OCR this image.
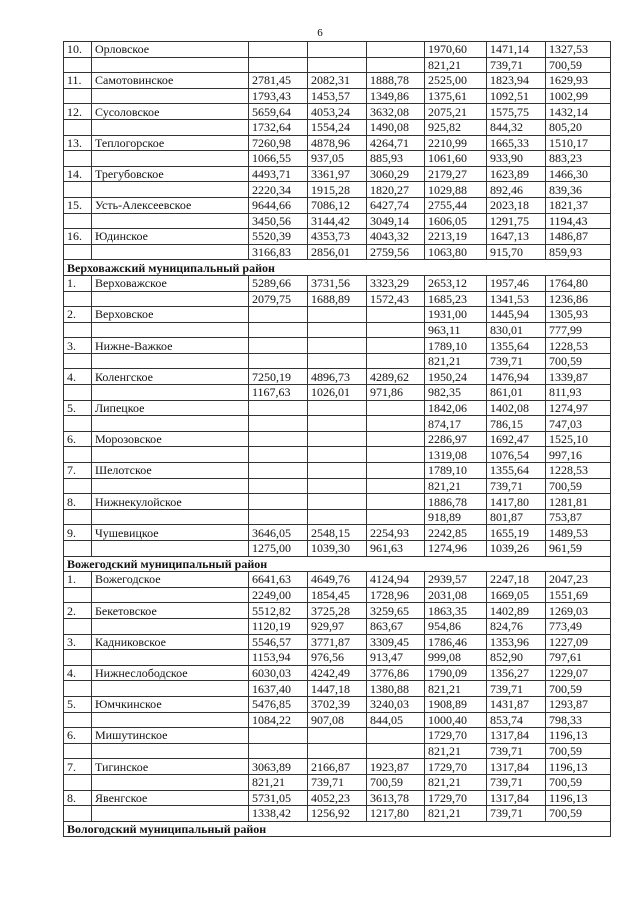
6
10.	Орловское				1970,60	1471,14	1327,53
					821,21	739,71	700,59
11.	Самотовинское	2781,45	2082,31	1888,78	2525,00	1823,94	1629,93
		1793,43	1453,57	1349,86	1375,61	1092,51	1002,99
12.	Сусоловское	5659,64	4053,24	3632,08	2075,21	1575,75	1432,14
		1732,64	1554,24	1490,08	925,82	844,32	805,20
13.	Теплогорское	7260,98	4878,96	4264,71	2210,99	1665,33	1510,17
		1066,55	937,05	885,93	1061,60	933,90	883,23
14.	Трегубовское	4493,71	3361,97	3060,29	2179,27	1623,89	1466,30
		2220,34	1915,28	1820,27	1029,88	892,46	839,36
15.	Усть-Алексеевское	9644,66	7086,12	6427,74	2755,44	2023,18	1821,37
		3450,56	3144,42	3049,14	1606,05	1291,75	1194,43
16.	Юдинское	5520,39	4353,73	4043,32	2213,19	1647,13	1486,87
		3166,83	2856,01	2759,56	1063,80	915,70	859,93
Верховажский муниципальный район							
1.	Верховажское	5289,66	3731,56	3323,29	2653,12	1957,46	1764,80
		2079,75	1688,89	1572,43	1685,23	1341,53	1236,86
2.	Верховское				1931,00	1445,94	1305,93
					963,11	830,01	777,99
3.	Нижне-Важкое				1789,10	1355,64	1228,53
					821,21	739,71	700,59
4.	Коленгское	7250,19	4896,73	4289,62	1950,24	1476,94	1339,87
		1167,63	1026,01	971,86	982,35	861,01	811,93
5.	Липецкое				1842,06	1402,08	1274,97
					874,17	786,15	747,03
6.	Морозовское				2286,97	1692,47	1525,10
					1319,08	1076,54	997,16
7.	Шелотское				1789,10	1355,64	1228,53
					821,21	739,71	700,59
8.	Нижнекулойское				1886,78	1417,80	1281,81
					918,89	801,87	753,87
9.	Чушевицкое	3646,05	2548,15	2254,93	2242,85	1655,19	1489,53
		1275,00	1039,30	961,63	1274,96	1039,26	961,59
Вожегодский муниципальный район							
1.	Вожегодское	6641,63	4649,76	4124,94	2939,57	2247,18	2047,23
		2249,00	1854,45	1728,96	2031,08	1669,05	1551,69
2.	Бекетовское	5512,82	3725,28	3259,65	1863,35	1402,89	1269,03
		1120,19	929,97	863,67	954,86	824,76	773,49
3.	Кадниковское	5546,57	3771,87	3309,45	1786,46	1353,96	1227,09
		1153,94	976,56	913,47	999,08	852,90	797,61
4.	Нижнеслободское	6030,03	4242,49	3776,86	1790,09	1356,27	1229,07
		1637,40	1447,18	1380,88	821,21	739,71	700,59
5.	Юмчкинское	5476,85	3702,39	3240,03	1908,89	1431,87	1293,87
		1084,22	907,08	844,05	1000,40	853,74	798,33
6.	Мишутинское				1729,70	1317,84	1196,13
					821,21	739,71	700,59
7.	Тигинское	3063,89	2166,87	1923,87	1729,70	1317,84	1196,13
		821,21	739,71	700,59	821,21	739,71	700,59
8.	Явенгское	5731,05	4052,23	3613,78	1729,70	1317,84	1196,13
		1338,42	1256,92	1217,80	821,21	739,71	700,59
Вологодский муниципальный район							
